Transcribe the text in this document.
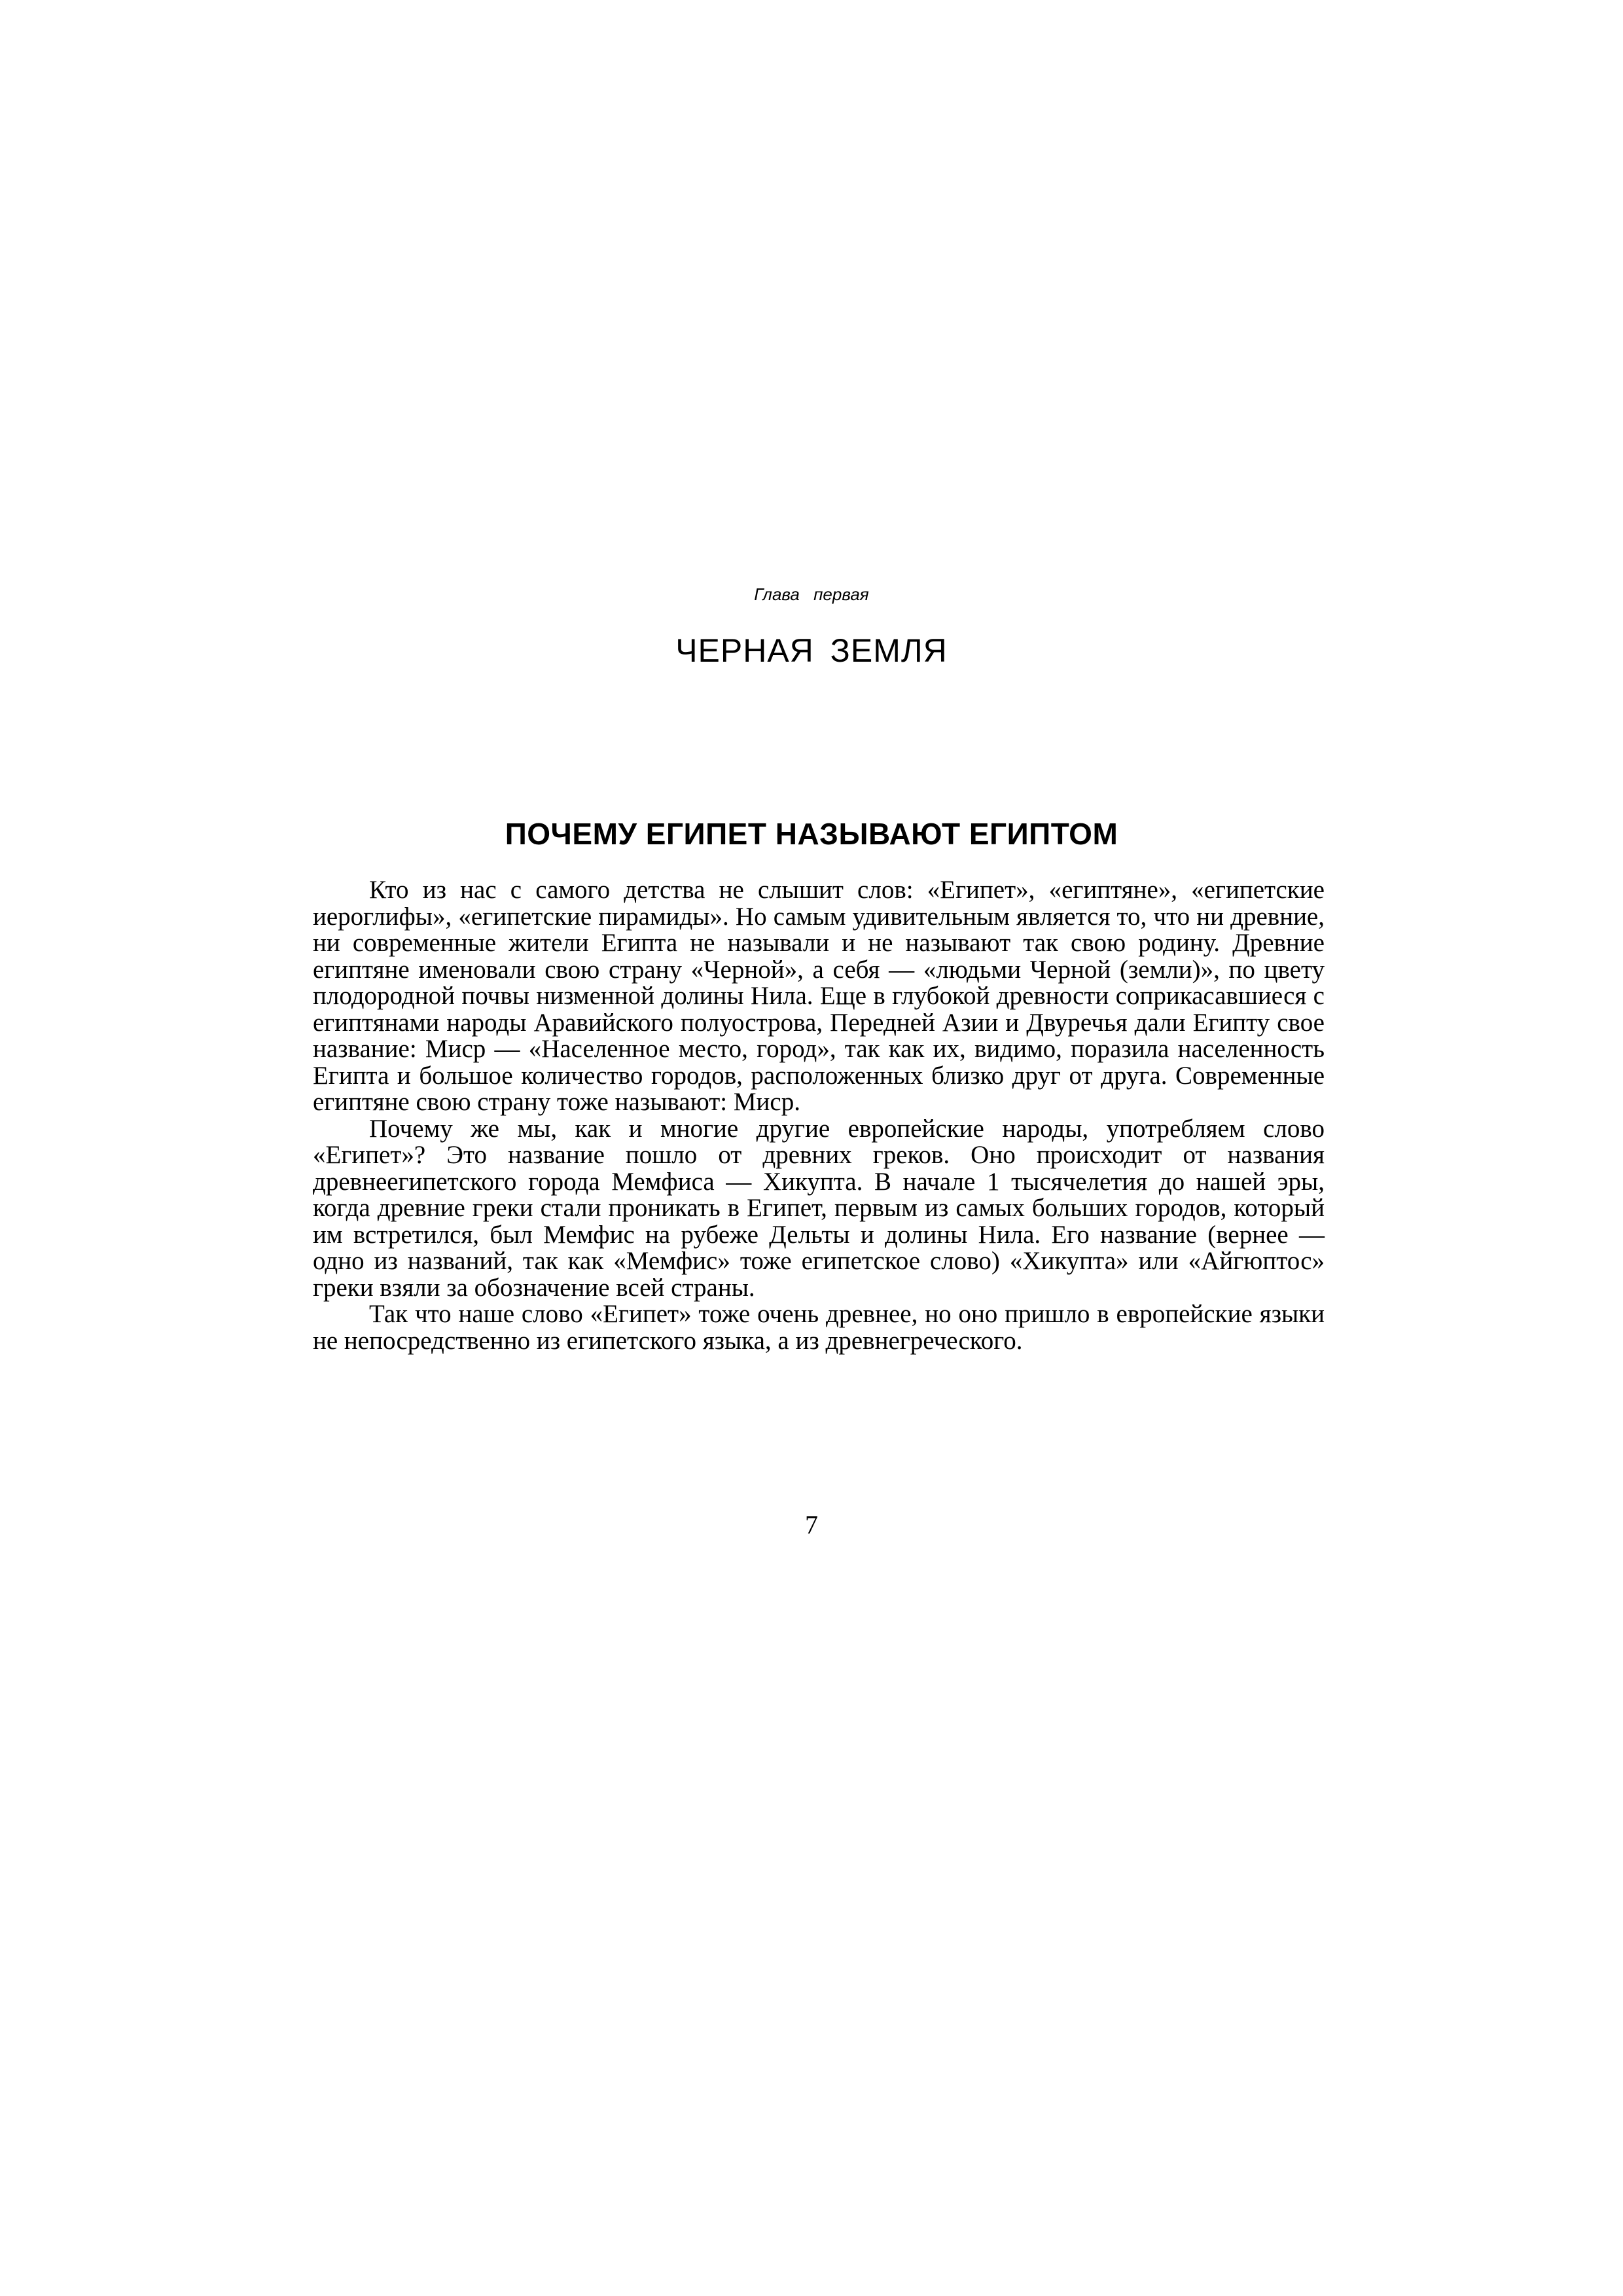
Глава первая
ЧЕРНАЯ ЗЕМЛЯ
ПОЧЕМУ ЕГИПЕТ НАЗЫВАЮТ ЕГИПТОМ

Кто из нас с самого детства не слышит слов: «Египет», «египтяне», «египетские иероглифы», «египетские пирамиды». Но самым удивительным является то, что ни древние, ни современные жители Египта не называли и не называют так свою родину. Древние египтяне именовали свою страну «Черной», а себя — «людьми Черной (земли)», по цвету плодородной почвы низменной долины Нила. Еще в глубокой древности соприкасавшиеся с египтянами народы Аравийского полуострова, Передней Азии и Двуречья дали Египту свое название: Миср — «Населенное место, город», так как их, видимо, поразила населенность Египта и большое количество городов, расположенных близко друг от друга. Современные египтяне свою страну тоже называют: Миср.

Почему же мы, как и многие другие европейские народы, употребляем слово «Египет»? Это название пошло от древних греков. Оно происходит от названия древнеегипетского города Мемфиса — Хикупта. В начале 1 тысячелетия до нашей эры, когда древние греки стали проникать в Египет, первым из самых больших городов, который им встретился, был Мемфис на рубеже Дельты и долины Нила. Его название (вернее — одно из названий, так как «Мемфис» тоже египетское слово) «Хикупта» или «Айгюптос» греки взяли за обозначение всей страны.

Так что наше слово «Египет» тоже очень древнее, но оно пришло в европейские языки не непосредственно из египетского языка, а из древнегреческого.

7
